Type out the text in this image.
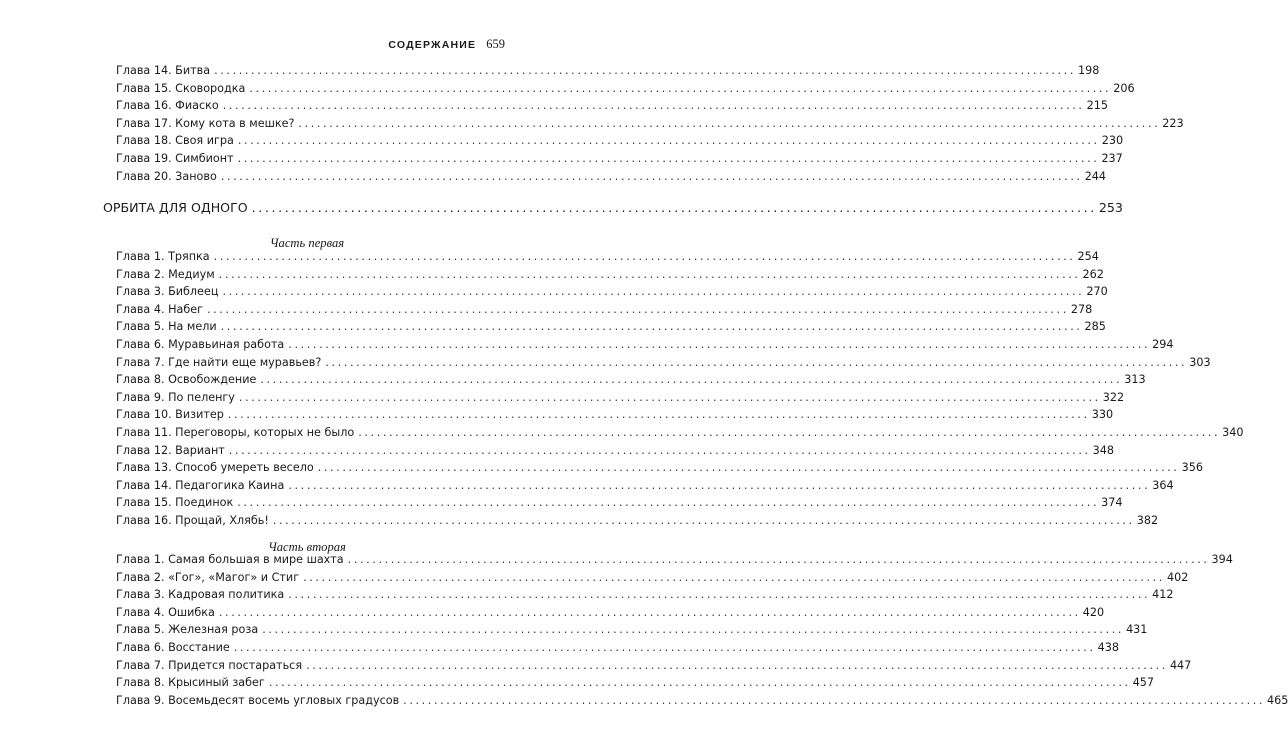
СОДЕРЖАНИЕ 659
Глава 14. Битва ............................................................................................................................................ 198
Глава 15. Сковородка ............................................................................................................................................ 206
Глава 16. Фиаско ............................................................................................................................................ 215
Глава 17. Кому кота в мешке? ............................................................................................................................................ 223
Глава 18. Своя игра ............................................................................................................................................ 230
Глава 19. Симбионт ............................................................................................................................................ 237
Глава 20. Заново ............................................................................................................................................ 244
ОРБИТА ДЛЯ ОДНОГО ................................................................................................................................ 253
Часть первая
Глава 1. Тряпка ............................................................................................................................................ 254
Глава 2. Медиум ............................................................................................................................................ 262
Глава 3. Библеец ............................................................................................................................................ 270
Глава 4. Набег ............................................................................................................................................ 278
Глава 5. На мели ............................................................................................................................................ 285
Глава 6. Муравьиная работа ............................................................................................................................................ 294
Глава 7. Где найти еще муравьев? ............................................................................................................................................ 303
Глава 8. Освобождение ............................................................................................................................................ 313
Глава 9. По пеленгу ............................................................................................................................................ 322
Глава 10. Визитер ............................................................................................................................................ 330
Глава 11. Переговоры, которых не было ............................................................................................................................................ 340
Глава 12. Вариант ............................................................................................................................................ 348
Глава 13. Способ умереть весело ............................................................................................................................................ 356
Глава 14. Педагогика Каина ............................................................................................................................................ 364
Глава 15. Поединок ............................................................................................................................................ 374
Глава 16. Прощай, Хлябь! ............................................................................................................................................ 382
Часть вторая
Глава 1. Самая большая в мире шахта ............................................................................................................................................ 394
Глава 2. «Гог», «Магог» и Стиг ............................................................................................................................................ 402
Глава 3. Кадровая политика ............................................................................................................................................ 412
Глава 4. Ошибка ............................................................................................................................................ 420
Глава 5. Железная роза ............................................................................................................................................ 431
Глава 6. Восстание ............................................................................................................................................ 438
Глава 7. Придется постараться ............................................................................................................................................ 447
Глава 8. Крысиный забег ............................................................................................................................................ 457
Глава 9. Восемьдесят восемь угловых градусов ............................................................................................................................................ 465
